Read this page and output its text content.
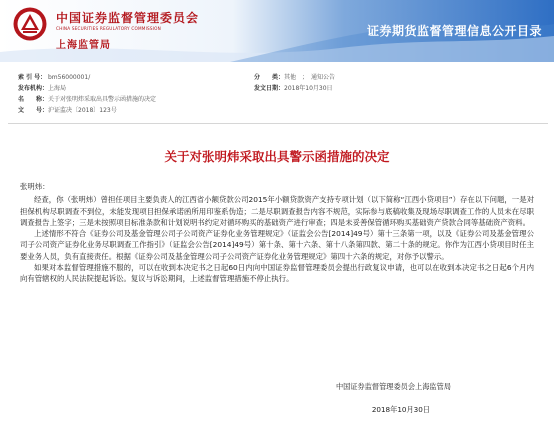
中国证券监督管理委员会
CHINA SECURITIES REGULATORY COMMISSION
上海监管局
证券期货监督管理信息公开目录
索 引 号： bm56000001/	分　　类： 其他　；　通知公告
发布机构： 上海局	发文日期： 2018年10月30日
名　　称： 关于对张明炜采取出具警示函措施的决定
文　　号： 沪证监决〔2018〕123号
关于对张明炜采取出具警示函措施的决定

张明炜：

经查，你（张明炜）曾担任项目主要负责人的江西省小额贷款公司2015年小额贷款资产支持专项计划（以下简称“江西小贷项目”）存在以下问题，一是对担保机构尽职调查不到位，未能发现项目担保承诺函所用印鉴系伪造；二是尽职调查报告内容不规范，实际参与底稿收集及现场尽职调查工作的人员未在尽职调查报告上签字；三是未按照项目标准条款和计划说明书约定对循环购买的基础资产进行审查；四是未妥善保管循环购买基础资产贷款合同等基础资产资料。

上述情形不符合《证券公司及基金管理公司子公司资产证券化业务管理规定》（证监会公告[2014]49号）第十三条第一项，以及《证券公司及基金管理公司子公司资产证券化业务尽职调查工作指引》（证监会公告[2014]49号）第十条、第十六条、第十八条第四款、第二十条的规定。你作为江西小贷项目时任主要业务人员，负有直接责任。根据《证券公司及基金管理公司子公司资产证券化业务管理规定》第四十六条的规定，对你予以警示。

如果对本监督管理措施不服的，可以在收到本决定书之日起60日内向中国证券监督管理委员会提出行政复议申请，也可以在收到本决定书之日起6个月内向有管辖权的人民法院提起诉讼。复议与诉讼期间，上述监督管理措施不停止执行。

中国证券监督管理委员会上海监管局
2018年10月30日
